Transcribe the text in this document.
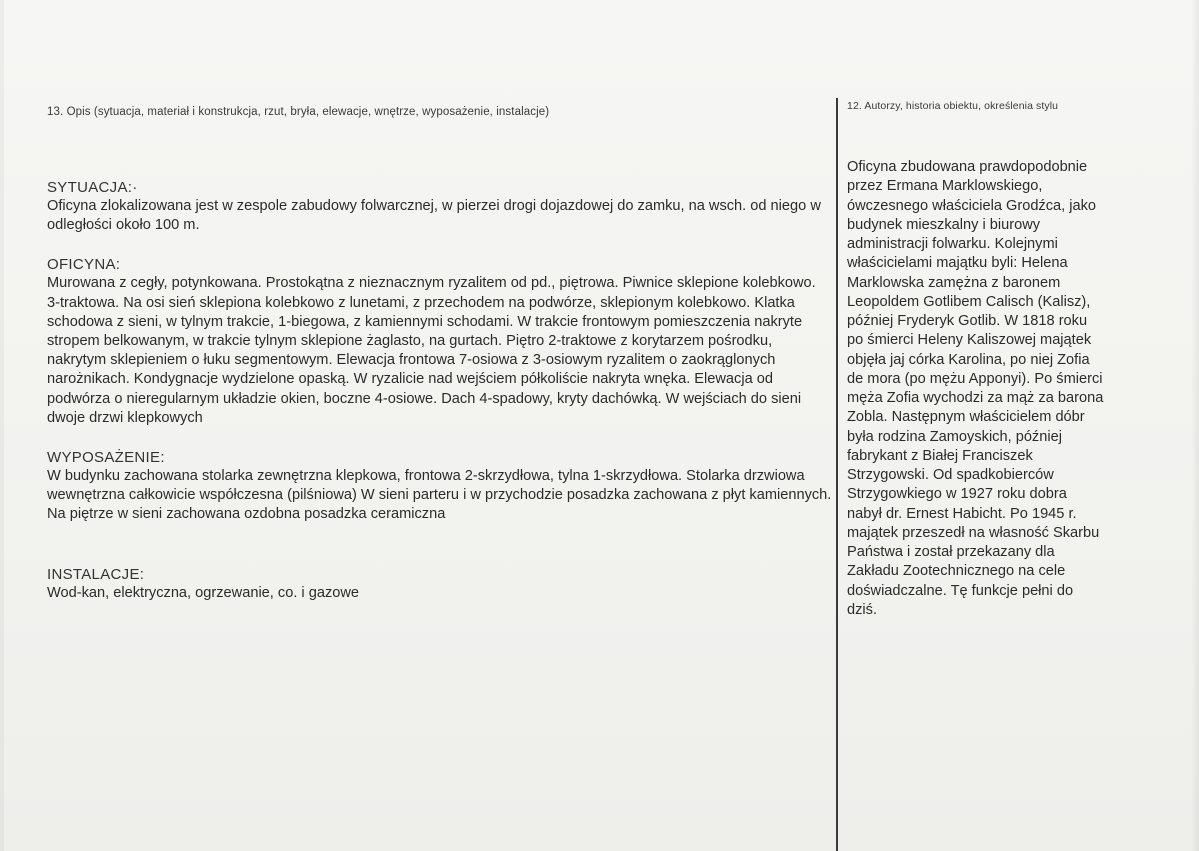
13. Opis (sytuacja, materiał i konstrukcja, rzut, bryła, elewacje, wnętrze, wyposażenie, instalacje)
SYTUACJA:·
Oficyna zlokalizowana jest w zespole zabudowy folwarcznej, w pierzei drogi dojazdowej do zamku, na wsch. od niego w odległości około 100 m.
OFICYNA:
Murowana z cegły, potynkowana. Prostokątna z nieznacznym ryzalitem od pd., piętrowa. Piwnice sklepione kolebkowo. 3-traktowa. Na osi sień sklepiona kolebkowo z lunetami, z przechodem na podwórze, sklepionym kolebkowo. Klatka schodowa z sieni, w tylnym trakcie, 1-biegowa, z kamiennymi schodami. W trakcie frontowym pomieszczenia nakryte stropem belkowanym, w trakcie tylnym sklepione żaglasto, na gurtach. Piętro 2-traktowe z korytarzem pośrodku, nakrytym sklepieniem o łuku segmentowym. Elewacja frontowa 7-osiowa z 3-osiowym ryzalitem o zaokrąglonych narożnikach. Kondygnacje wydzielone opaską. W ryzalicie nad wejściem półkoliście nakryta wnęka. Elewacja od podwórza o nieregularnym układzie okien, boczne 4-osiowe. Dach 4-spadowy, kryty dachówką. W wejściach do sieni dwoje drzwi klepkowych
WYPOSAŻENIE:
W budynku zachowana stolarka zewnętrzna klepkowa, frontowa 2-skrzydłowa, tylna 1-skrzydłowa. Stolarka drzwiowa wewnętrzna całkowicie współczesna (pilśniowa) W sieni parteru i w przychodzie posadzka zachowana z płyt kamiennych. Na piętrze w sieni zachowana ozdobna posadzka ceramiczna
INSTALACJE:
Wod-kan, elektryczna, ogrzewanie, co. i gazowe
12. Autorzy, historia obiektu, określenia stylu
Oficyna zbudowana prawdopodobnie
przez Ermana Marklowskiego,
ówczesnego właściciela Grodźca, jako
budynek mieszkalny i biurowy
administracji folwarku. Kolejnymi
właścicielami majątku byli: Helena
Marklowska zamężna z baronem
Leopoldem Gotlibem Calisch (Kalisz),
później Fryderyk Gotlib. W 1818 roku
po śmierci Heleny Kaliszowej majątek
objęła jaj córka Karolina, po niej Zofia
de mora (po mężu Apponyi). Po śmierci
męża Zofia wychodzi za mąż za barona
Zobla. Następnym właścicielem dóbr
była rodzina Zamoyskich, później
fabrykant z Białej Franciszek
Strzygowski. Od spadkobierców
Strzygowkiego w 1927 roku dobra
nabył dr. Ernest Habicht. Po 1945 r.
majątek przeszedł na własność Skarbu
Państwa i został przekazany dla
Zakładu Zootechnicznego na cele
doświadczalne. Tę funkcje pełni do
dziś.
